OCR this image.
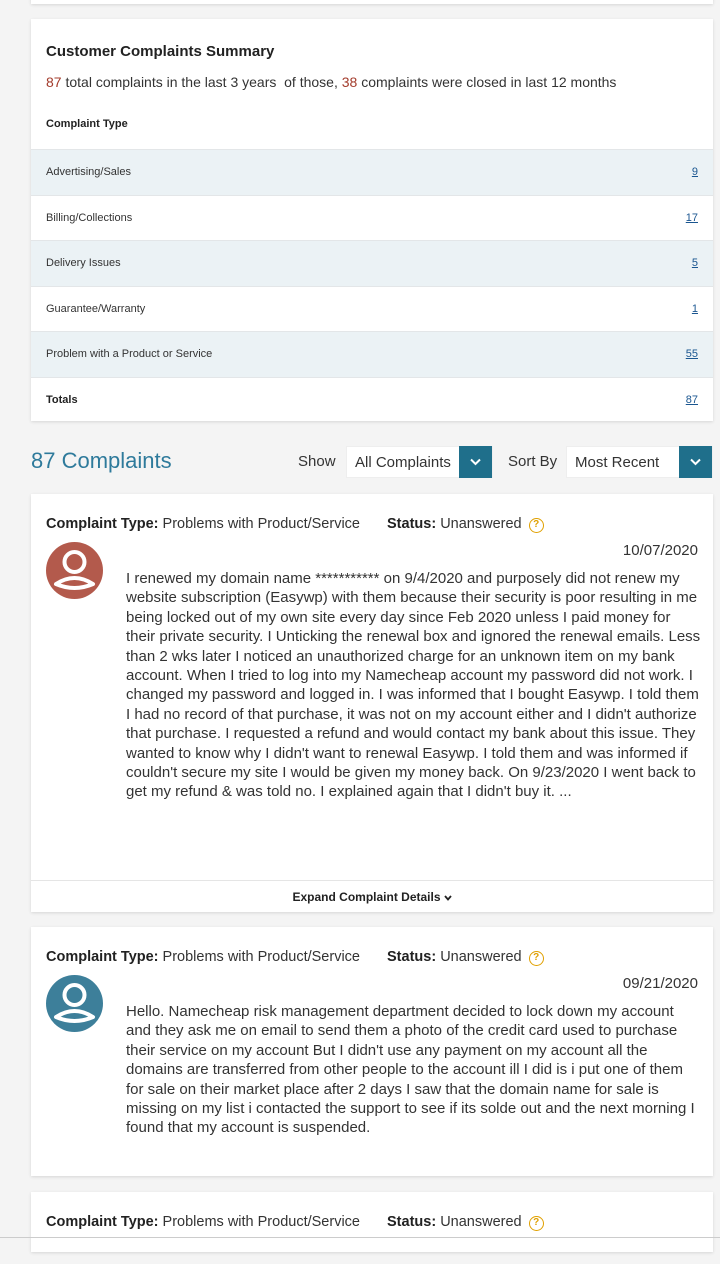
Customer Complaints Summary
87 total complaints in the last 3 years of those, 38 complaints were closed in last 12 months
Complaint Type
Advertising/Sales	9
Billing/Collections	17
Delivery Issues	5
Guarantee/Warranty	1
Problem with a Product or Service	55
Totals	87
87 Complaints	Show	All Complaints	Sort By	Most Recent
Complaint Type: Problems with Product/Service Status: Unanswered ?
10/07/2020
I renewed my domain name *********** on 9/4/2020 and purposely did not renew my website subscription (Easywp) with them because their security is poor resulting in me being locked out of my own site every day since Feb 2020 unless I paid money for their private security. I Unticking the renewal box and ignored the renewal emails. Less than 2 wks later I noticed an unauthorized charge for an unknown item on my bank account. When I tried to log into my Namecheap account my password did not work. I changed my password and logged in. I was informed that I bought Easywp. I told them I had no record of that purchase, it was not on my account either and I didn't authorize that purchase. I requested a refund and would contact my bank about this issue. They wanted to know why I didn't want to renewal Easywp. I told them and was informed if couldn't secure my site I would be given my money back. On 9/23/2020 I went back to get my refund & was told no. I explained again that I didn't buy it. ...
Expand Complaint Details
Complaint Type: Problems with Product/Service Status: Unanswered ?
09/21/2020
Hello. Namecheap risk management department decided to lock down my account and they ask me on email to send them a photo of the credit card used to purchase their service on my account But I didn't use any payment on my account all the domains are transferred from other people to the account ill I did is i put one of them for sale on their market place after 2 days I saw that the domain name for sale is missing on my list i contacted the support to see if its solde out and the next morning I found that my account is suspended.
Complaint Type: Problems with Product/Service Status: Unanswered ?
